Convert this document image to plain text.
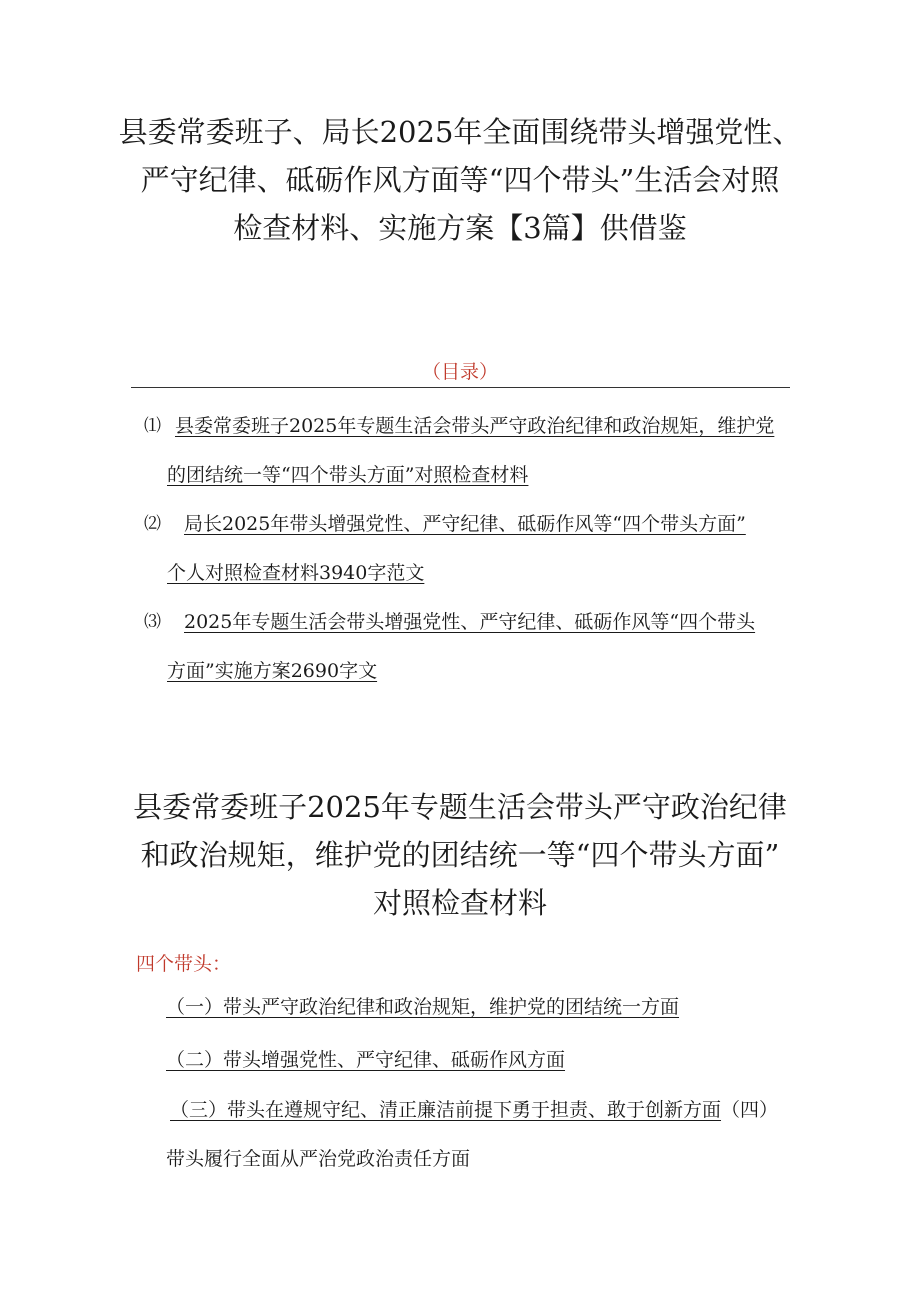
县委常委班子、局长2025年全面围绕带头增强党性、
严守纪律、砥砺作风方面等“四个带头”生活会对照
检查材料、实施方案【3篇】供借鉴

（目录）

⑴ 县委常委班子2025年专题生活会带头严守政治纪律和政治规矩，维护党
的团结统一等“四个带头方面”对照检查材料
⑵ 局长2025年带头增强党性、严守纪律、砥砺作风等“四个带头方面”
个人对照检查材料3940字范文
⑶ 2025年专题生活会带头增强党性、严守纪律、砥砺作风等“四个带头
方面”实施方案2690字文
县委常委班子2025年专题生活会带头严守政治纪律
和政治规矩，维护党的团结统一等“四个带头方面”
对照检查材料

四个带头：

（一）带头严守政治纪律和政治规矩，维护党的团结统一方面
（二）带头增强党性、严守纪律、砥砺作风方面
（三）带头在遵规守纪、清正廉洁前提下勇于担责、敢于创新方面（四）
带头履行全面从严治党政治责任方面
